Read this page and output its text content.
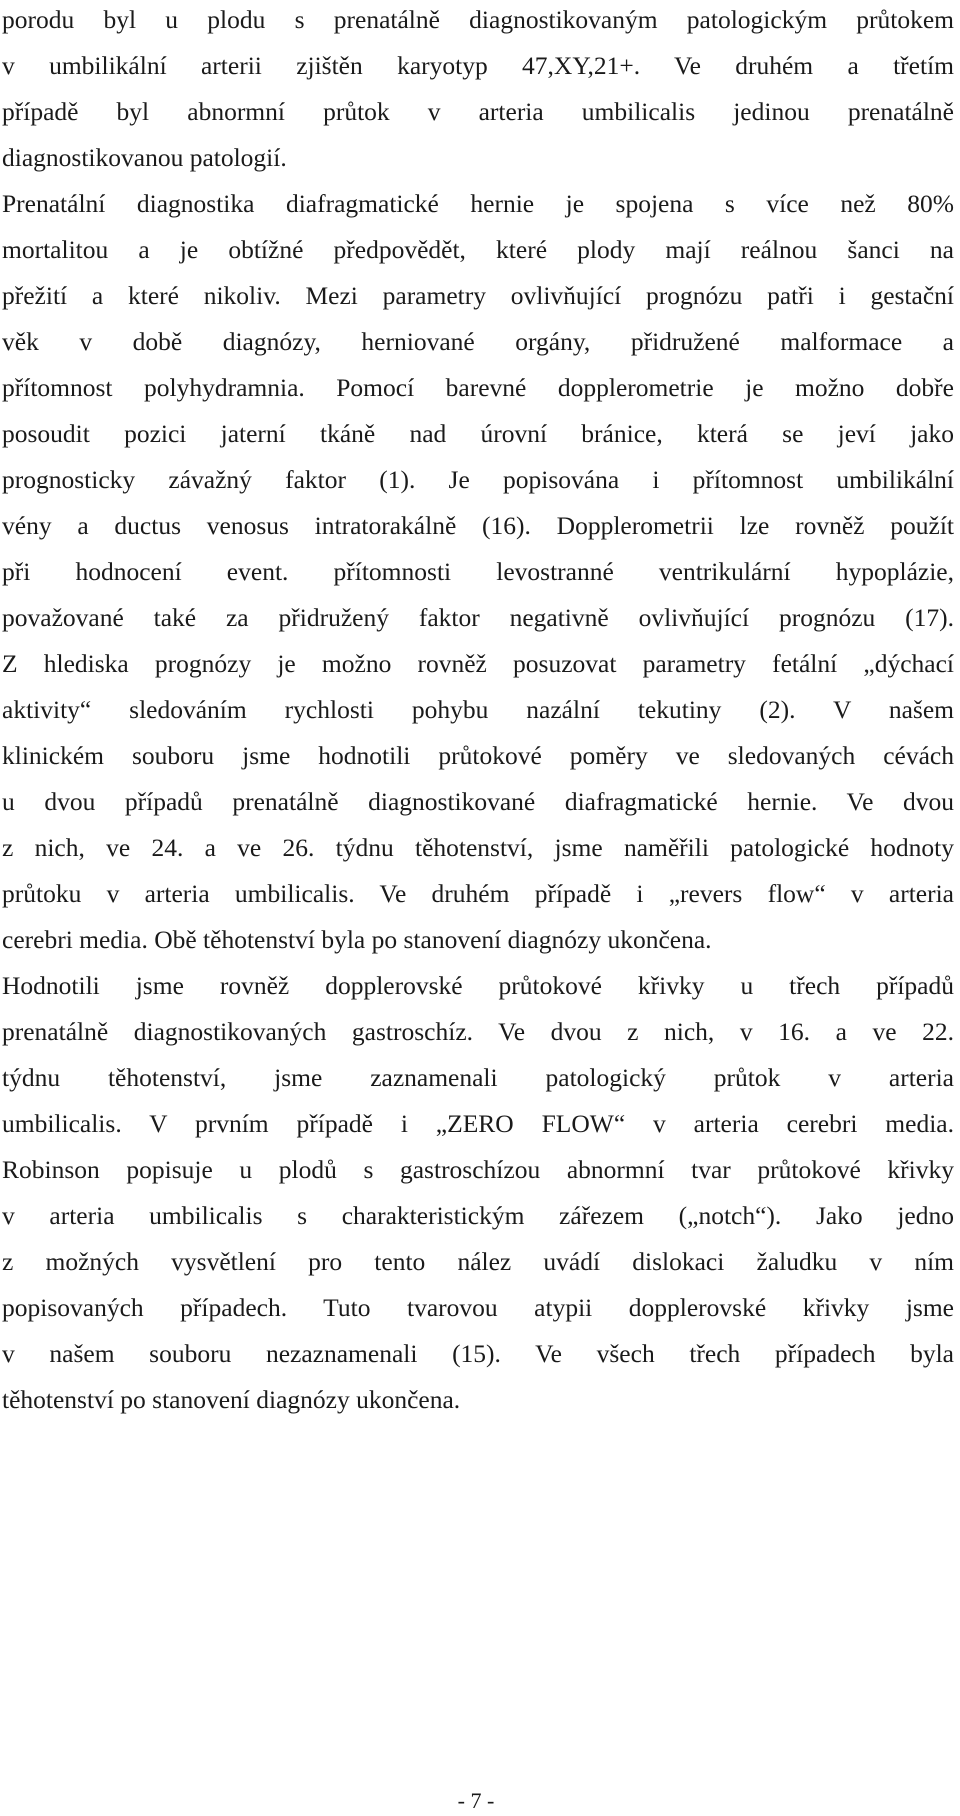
porodu byl u plodu s prenatálně diagnostikovaným patologickým průtokem
v umbilikální arterii zjištěn karyotyp 47,XY,21+. Ve druhém a třetím
případě byl abnormní průtok v arteria umbilicalis jedinou prenatálně
diagnostikovanou patologií.
Prenatální diagnostika diafragmatické hernie je spojena s více než 80%
mortalitou a je obtížné předpovědět, které plody mají reálnou šanci na
přežití a které nikoliv. Mezi parametry ovlivňující prognózu patři i gestační
věk v době diagnózy, herniované orgány, přidružené malformace a
přítomnost polyhydramnia. Pomocí barevné dopplerometrie je možno dobře
posoudit pozici jaterní tkáně nad úrovní bránice, která se jeví jako
prognosticky závažný faktor (1). Je popisována i přítomnost umbilikální
vény a ductus venosus intratorakálně (16). Dopplerometrii lze rovněž použít
při hodnocení event. přítomnosti levostranné ventrikulární hypoplázie,
považované také za přidružený faktor negativně ovlivňující prognózu (17).
Z hlediska prognózy je možno rovněž posuzovat parametry fetální „dýchací
aktivity“ sledováním rychlosti pohybu nazální tekutiny (2). V našem
klinickém souboru jsme hodnotili průtokové poměry ve sledovaných cévách
u dvou případů prenatálně diagnostikované diafragmatické hernie. Ve dvou
z nich, ve 24. a ve 26. týdnu těhotenství, jsme naměřili patologické hodnoty
průtoku v arteria umbilicalis. Ve druhém případě i „revers flow“ v arteria
cerebri media. Obě těhotenství byla po stanovení diagnózy ukončena.
Hodnotili jsme rovněž dopplerovské průtokové křivky u třech případů
prenatálně diagnostikovaných gastroschíz. Ve dvou z nich, v 16. a ve 22.
týdnu těhotenství, jsme zaznamenali patologický průtok v arteria
umbilicalis. V prvním případě i „ZERO FLOW“ v arteria cerebri media.
Robinson popisuje u plodů s gastroschízou abnormní tvar průtokové křivky
v arteria umbilicalis s charakteristickým zářezem („notch“). Jako jedno
z možných vysvětlení pro tento nález uvádí dislokaci žaludku v ním
popisovaných případech. Tuto tvarovou atypii dopplerovské křivky jsme
v našem souboru nezaznamenali (15). Ve všech třech případech byla
těhotenství po stanovení diagnózy ukončena.
- 7 -
